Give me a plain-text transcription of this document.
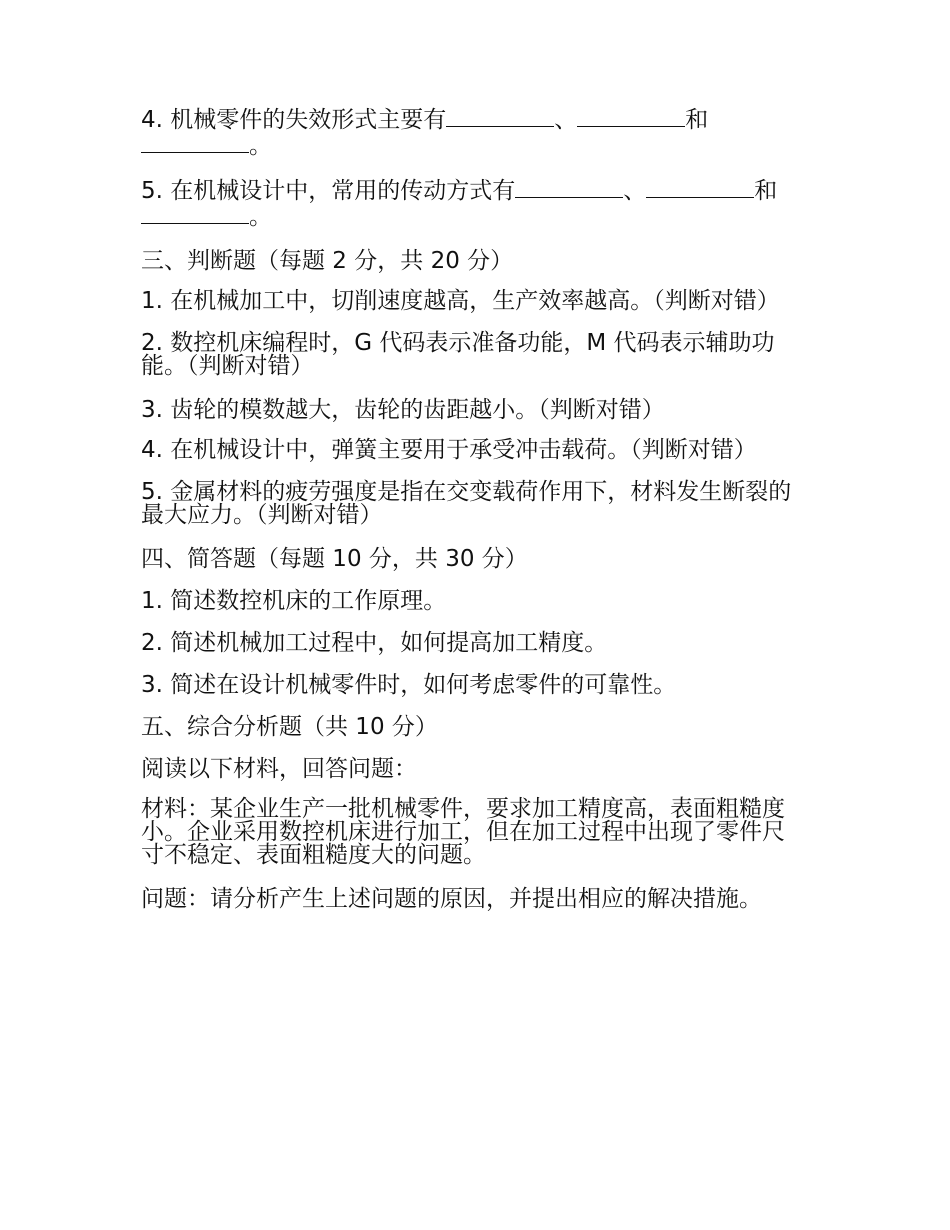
4. 机械零件的失效形式主要有	、	和。

5. 在机械设计中，常用的传动方式有	、	和。

三、判断题（每题 2 分，共 20 分）

1. 在机械加工中，切削速度越高，生产效率越高。（判断对错）

2. 数控机床编程时，G 代码表示准备功能，M 代码表示辅助功能。（判断对错）

3. 齿轮的模数越大，齿轮的齿距越小。（判断对错）

4. 在机械设计中，弹簧主要用于承受冲击载荷。（判断对错）

5. 金属材料的疲劳强度是指在交变载荷作用下，材料发生断裂的最大应力。（判断对错）

四、简答题（每题 10 分，共 30 分）

1. 简述数控机床的工作原理。

2. 简述机械加工过程中，如何提高加工精度。

3. 简述在设计机械零件时，如何考虑零件的可靠性。

五、综合分析题（共 10 分）

阅读以下材料，回答问题：

材料：某企业生产一批机械零件，要求加工精度高，表面粗糙度小。企业采用数控机床进行加工，但在加工过程中出现了零件尺寸不稳定、表面粗糙度大的问题。

问题：请分析产生上述问题的原因，并提出相应的解决措施。
